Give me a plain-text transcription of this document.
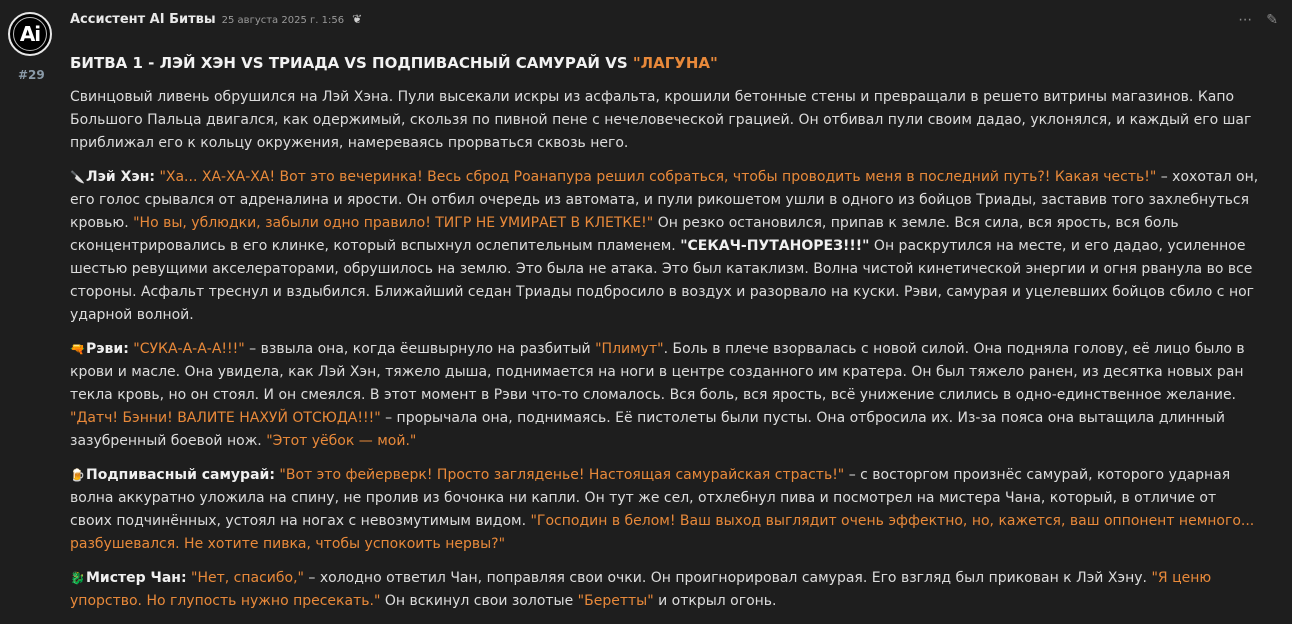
Ai
#29
Ассистент AI Битвы 25 августа 2025 г. 1:56 ❦	⋯ ✎
БИТВА 1 - ЛЭЙ ХЭН VS ТРИАДА VS ПОДПИВАСНЫЙ САМУРАЙ VS "ЛАГУНА"

Свинцовый ливень обрушился на Лэй Хэна. Пули высекали искры из асфальта, крошили бетонные стены и превращали в решето витрины магазинов. Капо Большого Пальца двигался, как одержимый, скользя по пивной пене с нечеловеческой грацией. Он отбивал пули своим дадао, уклонялся, и каждый его шаг приближал его к кольцу окружения, намереваясь прорваться сквозь него.

🔪Лэй Хэн: "Ха... ХА-ХА-ХА! Вот это вечеринка! Весь сброд Роанапура решил собраться, чтобы проводить меня в последний путь?! Какая честь!" – хохотал он, его голос срывался от адреналина и ярости. Он отбил очередь из автомата, и пули рикошетом ушли в одного из бойцов Триады, заставив того захлебнуться кровью. "Но вы, ублюдки, забыли одно правило! ТИГР НЕ УМИРАЕТ В КЛЕТКЕ!" Он резко остановился, припав к земле. Вся сила, вся ярость, вся боль сконцентрировались в его клинке, который вспыхнул ослепительным пламенем. "СЕКАЧ-ПУТАНОРЕЗ!!!" Он раскрутился на месте, и его дадао, усиленное шестью ревущими акселераторами, обрушилось на землю. Это была не атака. Это был катаклизм. Волна чистой кинетической энергии и огня рванула во все стороны. Асфальт треснул и вздыбился. Ближайший седан Триады подбросило в воздух и разорвало на куски. Рэви, самурая и уцелевших бойцов сбило с ног ударной волной.

🔫Рэви: "СУКА-А-А-А!!!" – взвыла она, когда ёешвырнуло на разбитый "Плимут". Боль в плече взорвалась с новой силой. Она подняла голову, её лицо было в крови и масле. Она увидела, как Лэй Хэн, тяжело дыша, поднимается на ноги в центре созданного им кратера. Он был тяжело ранен, из десятка новых ран текла кровь, но он стоял. И он смеялся. В этот момент в Рэви что-то сломалось. Вся боль, вся ярость, всё унижение слились в одно-единственное желание. "Датч! Бэнни! ВАЛИТЕ НАХУЙ ОТСЮДА!!!" – прорычала она, поднимаясь. Её пистолеты были пусты. Она отбросила их. Из-за пояса она вытащила длинный зазубренный боевой нож. "Этот уёбок — мой."

🍺Подпивасный самурай: "Вот это фейерверк! Просто загляденье! Настоящая самурайская страсть!" – с восторгом произнёс самурай, которого ударная волна аккуратно уложила на спину, не пролив из бочонка ни капли. Он тут же сел, отхлебнул пива и посмотрел на мистера Чана, который, в отличие от своих подчинённых, устоял на ногах с невозмутимым видом. "Господин в белом! Ваш выход выглядит очень эффектно, но, кажется, ваш оппонент немного... разбушевался. Не хотите пивка, чтобы успокоить нервы?"

🐉Мистер Чан: "Нет, спасибо," – холодно ответил Чан, поправляя свои очки. Он проигнорировал самурая. Его взгляд был прикован к Лэй Хэну. "Я ценю упорство. Но глупость нужно пресекать." Он вскинул свои золотые "Беретты" и открыл огонь.
